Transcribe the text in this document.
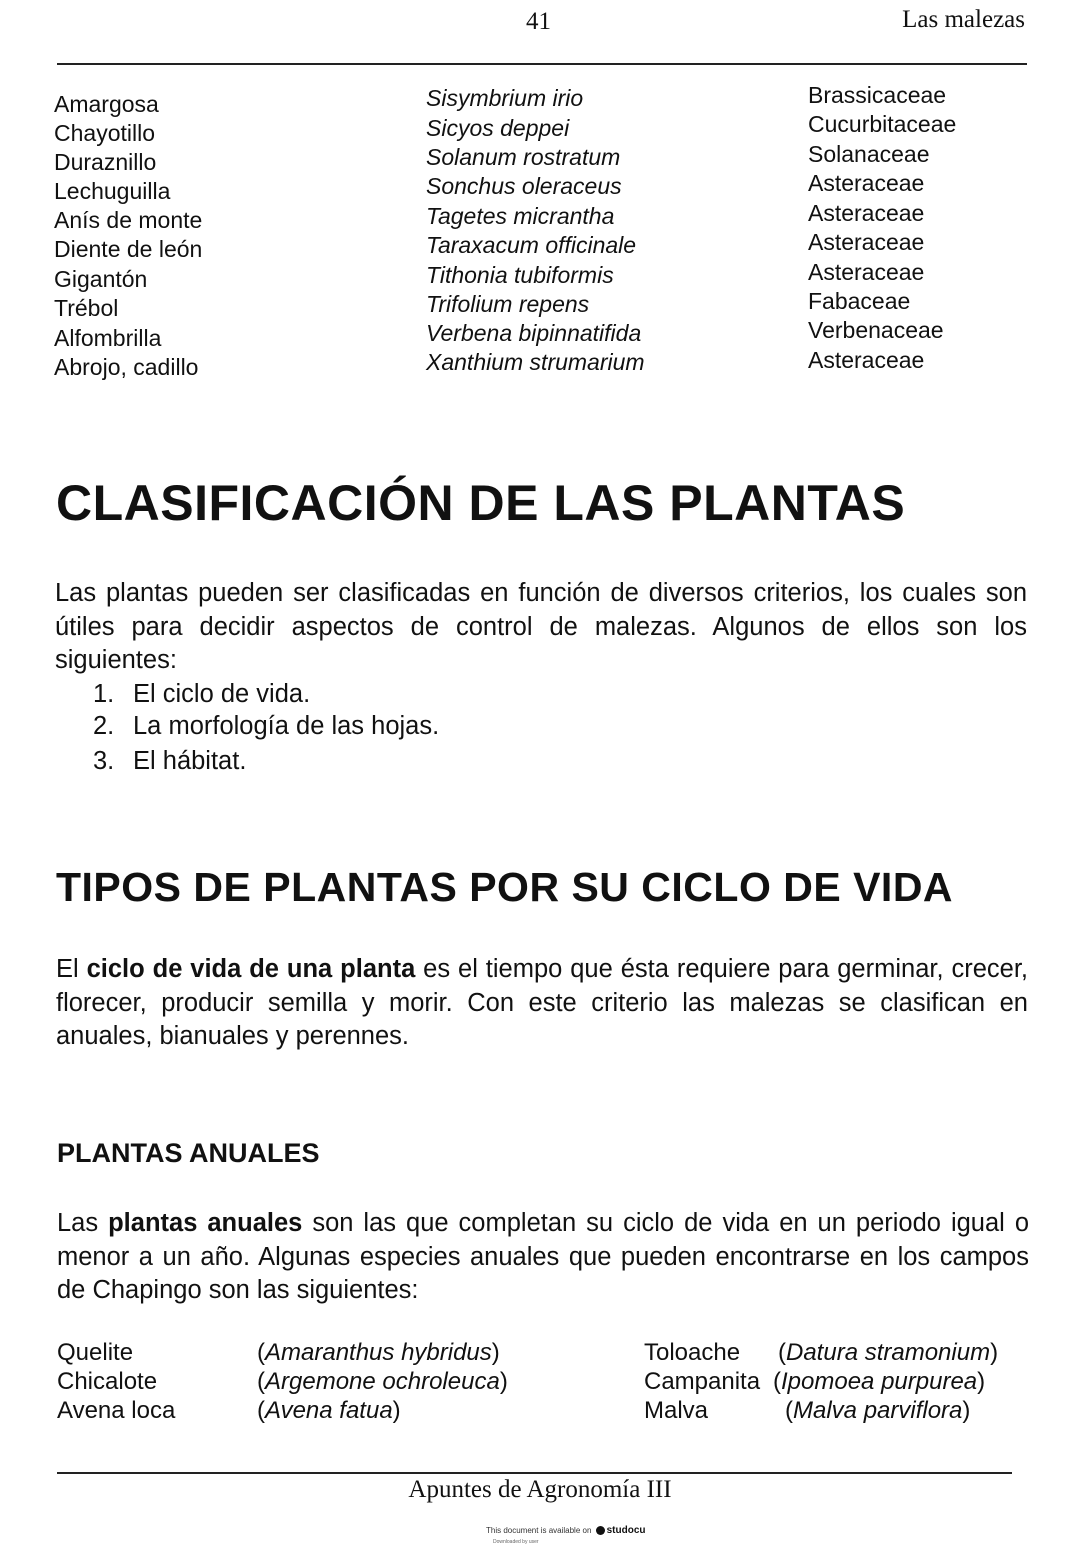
41	Las malezas
Amargosa	Sisymbrium irio	Brassicaceae
Chayotillo	Sicyos deppei	Cucurbitaceae
Duraznillo	Solanum rostratum	Solanaceae
Lechuguilla	Sonchus oleraceus	Asteraceae
Anís de monte	Tagetes micrantha	Asteraceae
Diente de león	Taraxacum officinale	Asteraceae
Gigantón	Tithonia tubiformis	Asteraceae
Trébol	Trifolium repens	Fabaceae
Alfombrilla	Verbena bipinnatifida	Verbenaceae
Abrojo, cadillo	Xanthium strumarium	Asteraceae
CLASIFICACIÓN DE LAS PLANTAS
Las plantas pueden ser clasificadas en función de diversos criterios, los cuales son útiles para decidir aspectos de control de malezas. Algunos de ellos son los siguientes:
1. El ciclo de vida.
2. La morfología de las hojas.
3. El hábitat.
TIPOS DE PLANTAS POR SU CICLO DE VIDA
El ciclo de vida de una planta es el tiempo que ésta requiere para germinar, crecer, florecer, producir semilla y morir. Con este criterio las malezas se clasifican en anuales, bianuales y perennes.
PLANTAS ANUALES
Las plantas anuales son las que completan su ciclo de vida en un periodo igual o menor a un año. Algunas especies anuales que pueden encontrarse en los campos de Chapingo son las siguientes:
Quelite	(Amaranthus hybridus)
Chicalote	(Argemone ochroleuca)
Avena loca	(Avena fatua)
Toloache (Datura stramonium)
Campanita (Ipomoea purpurea)
Malva	(Malva parviflora)
Apuntes de Agronomía III
This document is available on studocu
Downloaded by user
